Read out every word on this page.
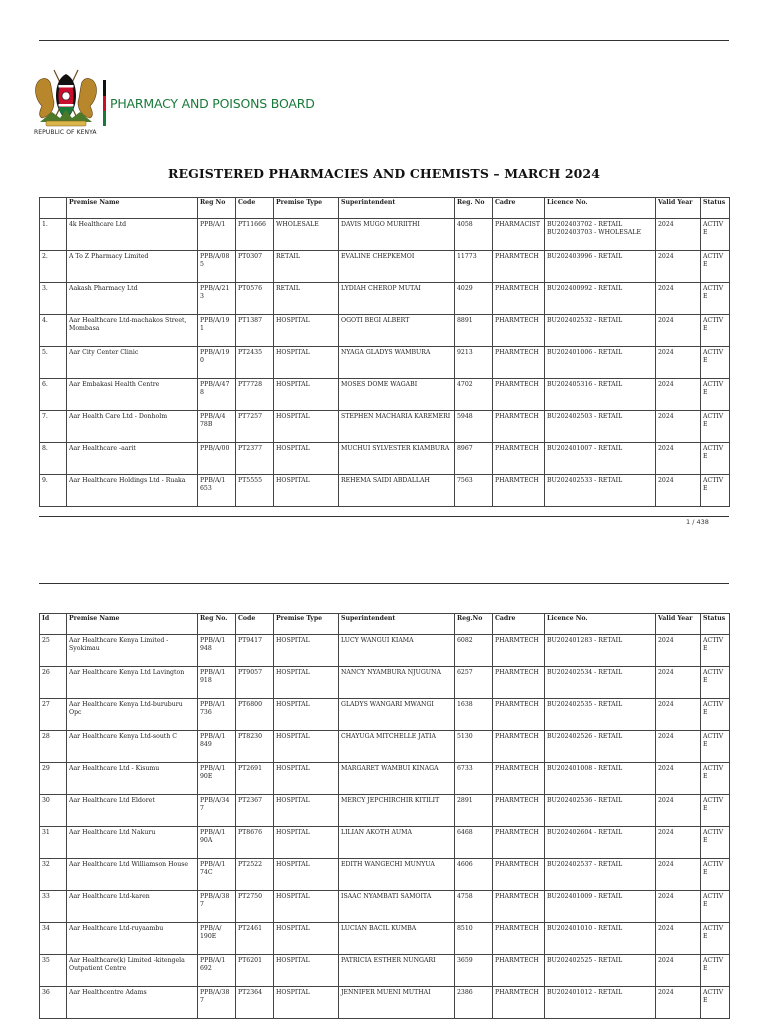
REPUBLIC OF KENYA
PHARMACY AND POISONS BOARD
REGISTERED PHARMACIES AND CHEMISTS – MARCH 2024
	Premise Name	Reg No	Code	Premise Type	Superintendent	Reg. No	Cadre	Licence No.	Valid Year	Status
1.	4k Healthcare Ltd	PPB/A/1	PT11666	WHOLESALE	DAVIS MUGO MURIITHI	4058	PHARMACIST	BU202403702 - RETAIL
BU202403703 - WHOLESALE	2024	ACTIVE
2.	A To Z Pharmacy Limited	PPB/A/08 5	PT0307	RETAIL	EVALINE CHEPKEMOI	11773	PHARMTECH	BU202403996 - RETAIL	2024	ACTIVE
3.	Aakash Pharmacy Ltd	PPB/A/21 3	PT0576	RETAIL	LYDIAH CHEROP MUTAI	4029	PHARMTECH	BU202400992 - RETAIL	2024	ACTIVE
4.	Aar Healthcare Ltd-machakos Street, Mombasa	PPB/A/19 1	PT1387	HOSPITAL	OGOTI BEGI ALBERT	8891	PHARMTECH	BU202402532 - RETAIL	2024	ACTIVE
5.	Aar City Center Clinic	PPB/A/19 0	PT2435	HOSPITAL	NYAGA GLADYS WAMBURA	9213	PHARMTECH	BU202401006 - RETAIL	2024	ACTIVE
6.	Aar Embakasi Health Centre	PPB/A/47 8	PT7728	HOSPITAL	MOSES DOME WAGABI	4702	PHARMTECH	BU202405316 - RETAIL	2024	ACTIVE
7.	Aar Health Care Ltd - Donholm	PPB/A/4 78B	PT7257	HOSPITAL	STEPHEN MACHARIA KAREMERI	5948	PHARMTECH	BU202402503 - RETAIL	2024	ACTIVE
8.	Aar Healthcare -aarit	PPB/A/00	PT2377	HOSPITAL	MUCHUI SYLVESTER KIAMBURA	8967	PHARMTECH	BU202401007 - RETAIL	2024	ACTIVE
9.	Aar Healthcare Holdings Ltd - Ruaka	PPB/A/1 653	PT5555	HOSPITAL	REHEMA SAIDI ABDALLAH	7563	PHARMTECH	BU202402533 - RETAIL	2024	ACTIVE
1 / 438
Id	Premise Name	Reg No.	Code	Premise Type	Superintendent	Reg.No	Cadre	Licence No.	Valid Year	Status
25	Aar Healthcare Kenya Limited - Syokimau	PPB/A/1 948	PT9417	HOSPITAL	LUCY WANGUI KIAMA	6082	PHARMTECH	BU202401283 - RETAIL	2024	ACTIVE
26	Aar Healthcare Kenya Ltd Lavington	PPB/A/1 918	PT9057	HOSPITAL	NANCY NYAMBURA NJUGUNA	6257	PHARMTECH	BU202402534 - RETAIL	2024	ACTIVE
27	Aar Healthcare Kenya Ltd-buruburu Opc	PPB/A/1 736	PT6800	HOSPITAL	GLADYS WANGARI MWANGI	1638	PHARMTECH	BU202402535 - RETAIL	2024	ACTIVE
28	Aar Healthcare Kenya Ltd-south C	PPB/A/1 849	PT8230	HOSPITAL	CHAYUGA MITCHELLE JATIA	5130	PHARMTECH	BU202402526 - RETAIL	2024	ACTIVE
29	Aar Healthcare Ltd - Kisumu	PPB/A/1 90E	PT2691	HOSPITAL	MARGARET WAMBUI KINAGA	6733	PHARMTECH	BU202401008 - RETAIL	2024	ACTIVE
30	Aar Healthcare Ltd Eldoret	PPB/A/34 7	PT2367	HOSPITAL	MERCY JEPCHIRCHIR KITILIT	2891	PHARMTECH	BU202402536 - RETAIL	2024	ACTIVE
31	Aar Healthcare Ltd Nakuru	PPB/A/1 90A	PT8676	HOSPITAL	LILIAN AKOTH AUMA	6468	PHARMTECH	BU202402604 - RETAIL	2024	ACTIVE
32	Aar Healthcare Ltd Williamson House	PPB/A/1 74C	PT2522	HOSPITAL	EDITH WANGECHI MUNYUA	4606	PHARMTECH	BU202402537 - RETAIL	2024	ACTIVE
33	Aar Healthcare Ltd-karen	PPB/A/38 7	PT2750	HOSPITAL	ISAAC NYAMBATI SAMOITA	4758	PHARMTECH	BU202401009 - RETAIL	2024	ACTIVE
34	Aar Healthcare Ltd-ruyaambu	PPB/A/ 190E	PT2461	HOSPITAL	LUCIAN BACIL KUMBA	8510	PHARMTECH	BU202401010 - RETAIL	2024	ACTIVE
35	Aar Healthcare(k) Limited -kitengela Outpatient Centre	PPB/A/1 692	PT6201	HOSPITAL	PATRICIA ESTHER NUNGARI	3659	PHARMTECH	BU202402525 - RETAIL	2024	ACTIVE
36	Aar Healthcentre Adams	PPB/A/38 7	PT2364	HOSPITAL	JENNIFER MUENI MUTHAI	2386	PHARMTECH	BU202401012 - RETAIL	2024	ACTIVE
